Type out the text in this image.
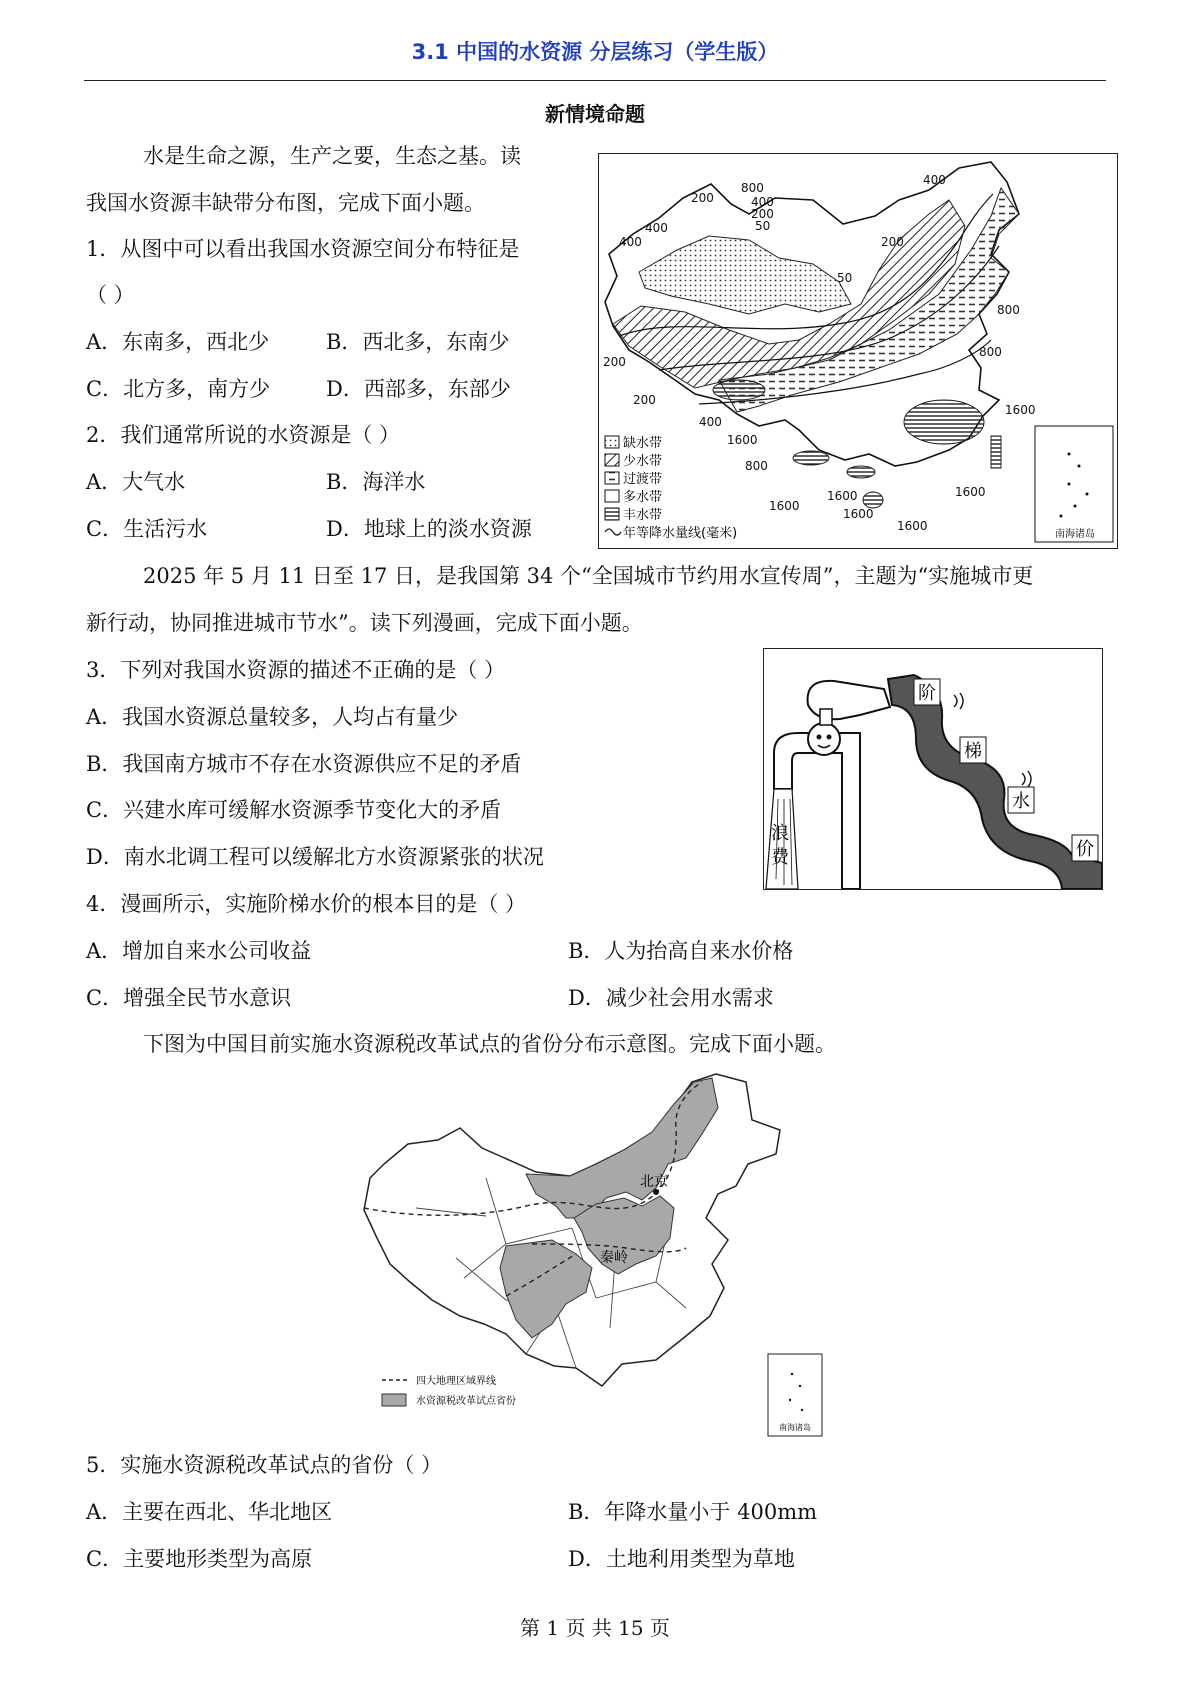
3.1 中国的水资源 分层练习（学生版）
新情境命题
水是生命之源，生产之要，生态之基。读
我国水资源丰缺带分布图，完成下面小题。
1．从图中可以看出我国水资源空间分布特征是
（ ）
A．东南多，西北少	B．西北多，东南少
C．北方多，南方少	D．西部多，东部少
2．我们通常所说的水资源是（ ）
A．大气水	B．海洋水
C．生活污水	D．地球上的淡水资源
200
800
400
200
50
400
400
400
200
50
200
800
800
200
400
1600
1600
800
1600
1600
1600
1600
1600
缺水带
少水带
过渡带
多水带
丰水带
年等降水量线(毫米)	南海诸岛
2025 年 5 月 11 日至 17 日，是我国第 34 个“全国城市节约用水宣传周”，主题为“实施城市更
新行动，协同推进城市节水”。读下列漫画，完成下面小题。
阶
梯
水
价
浪
费
3．下列对我国水资源的描述不正确的是（ ）
A．我国水资源总量较多，人均占有量少
B．我国南方城市不存在水资源供应不足的矛盾
C．兴建水库可缓解水资源季节变化大的矛盾
D．南水北调工程可以缓解北方水资源紧张的状况
4．漫画所示，实施阶梯水价的根本目的是（ ）
A．增加自来水公司收益	B．人为抬高自来水价格
C．增强全民节水意识	D．减少社会用水需求
下图为中国目前实施水资源税改革试点的省份分布示意图。完成下面小题。
北京
秦岭
四大地理区域界线
水资源税改革试点省份
南海诸岛
5．实施水资源税改革试点的省份（ ）
A．主要在西北、华北地区	B．年降水量小于 400mm
C．主要地形类型为高原	D．土地利用类型为草地
第 1 页 共 15 页
